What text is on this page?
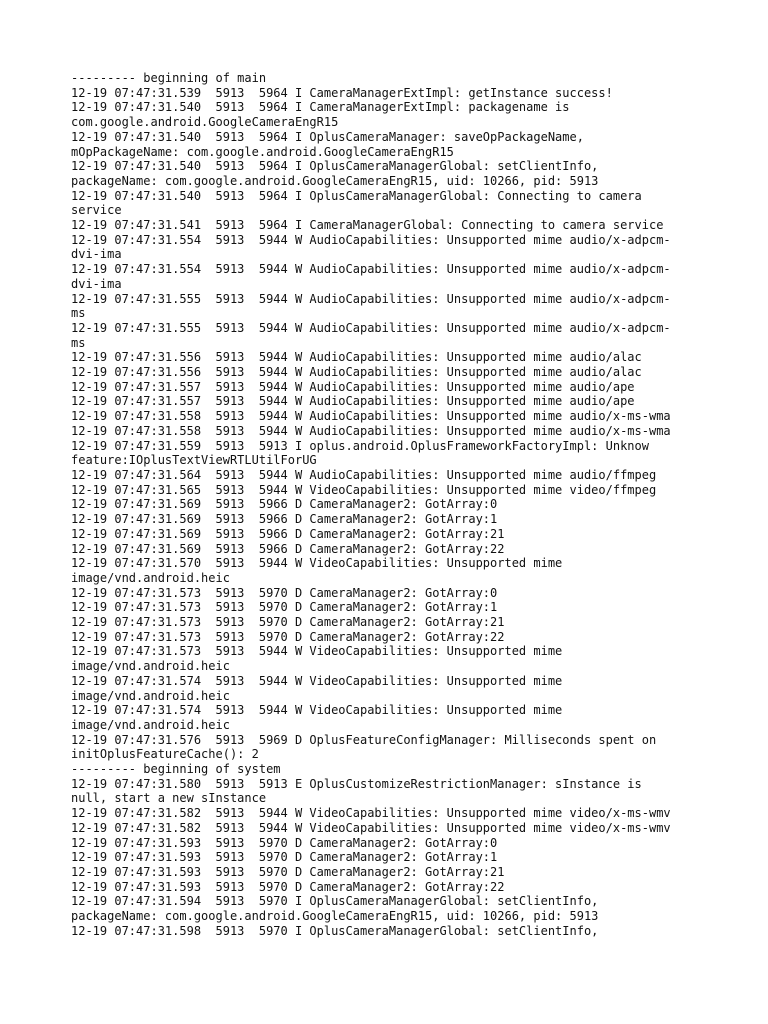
--------- beginning of main
12-19 07:47:31.539  5913  5964 I CameraManagerExtImpl: getInstance success!
12-19 07:47:31.540  5913  5964 I CameraManagerExtImpl: packagename is
com.google.android.GoogleCameraEngR15
12-19 07:47:31.540  5913  5964 I OplusCameraManager: saveOpPackageName,
mOpPackageName: com.google.android.GoogleCameraEngR15
12-19 07:47:31.540  5913  5964 I OplusCameraManagerGlobal: setClientInfo,
packageName: com.google.android.GoogleCameraEngR15, uid: 10266, pid: 5913
12-19 07:47:31.540  5913  5964 I OplusCameraManagerGlobal: Connecting to camera
service
12-19 07:47:31.541  5913  5964 I CameraManagerGlobal: Connecting to camera service
12-19 07:47:31.554  5913  5944 W AudioCapabilities: Unsupported mime audio/x-adpcm-
dvi-ima
12-19 07:47:31.554  5913  5944 W AudioCapabilities: Unsupported mime audio/x-adpcm-
dvi-ima
12-19 07:47:31.555  5913  5944 W AudioCapabilities: Unsupported mime audio/x-adpcm-
ms
12-19 07:47:31.555  5913  5944 W AudioCapabilities: Unsupported mime audio/x-adpcm-
ms
12-19 07:47:31.556  5913  5944 W AudioCapabilities: Unsupported mime audio/alac
12-19 07:47:31.556  5913  5944 W AudioCapabilities: Unsupported mime audio/alac
12-19 07:47:31.557  5913  5944 W AudioCapabilities: Unsupported mime audio/ape
12-19 07:47:31.557  5913  5944 W AudioCapabilities: Unsupported mime audio/ape
12-19 07:47:31.558  5913  5944 W AudioCapabilities: Unsupported mime audio/x-ms-wma
12-19 07:47:31.558  5913  5944 W AudioCapabilities: Unsupported mime audio/x-ms-wma
12-19 07:47:31.559  5913  5913 I oplus.android.OplusFrameworkFactoryImpl: Unknow
feature:IOplusTextViewRTLUtilForUG
12-19 07:47:31.564  5913  5944 W AudioCapabilities: Unsupported mime audio/ffmpeg
12-19 07:47:31.565  5913  5944 W VideoCapabilities: Unsupported mime video/ffmpeg
12-19 07:47:31.569  5913  5966 D CameraManager2: GotArray:0
12-19 07:47:31.569  5913  5966 D CameraManager2: GotArray:1
12-19 07:47:31.569  5913  5966 D CameraManager2: GotArray:21
12-19 07:47:31.569  5913  5966 D CameraManager2: GotArray:22
12-19 07:47:31.570  5913  5944 W VideoCapabilities: Unsupported mime
image/vnd.android.heic
12-19 07:47:31.573  5913  5970 D CameraManager2: GotArray:0
12-19 07:47:31.573  5913  5970 D CameraManager2: GotArray:1
12-19 07:47:31.573  5913  5970 D CameraManager2: GotArray:21
12-19 07:47:31.573  5913  5970 D CameraManager2: GotArray:22
12-19 07:47:31.573  5913  5944 W VideoCapabilities: Unsupported mime
image/vnd.android.heic
12-19 07:47:31.574  5913  5944 W VideoCapabilities: Unsupported mime
image/vnd.android.heic
12-19 07:47:31.574  5913  5944 W VideoCapabilities: Unsupported mime
image/vnd.android.heic
12-19 07:47:31.576  5913  5969 D OplusFeatureConfigManager: Milliseconds spent on
initOplusFeatureCache(): 2
--------- beginning of system
12-19 07:47:31.580  5913  5913 E OplusCustomizeRestrictionManager: sInstance is
null, start a new sInstance
12-19 07:47:31.582  5913  5944 W VideoCapabilities: Unsupported mime video/x-ms-wmv
12-19 07:47:31.582  5913  5944 W VideoCapabilities: Unsupported mime video/x-ms-wmv
12-19 07:47:31.593  5913  5970 D CameraManager2: GotArray:0
12-19 07:47:31.593  5913  5970 D CameraManager2: GotArray:1
12-19 07:47:31.593  5913  5970 D CameraManager2: GotArray:21
12-19 07:47:31.593  5913  5970 D CameraManager2: GotArray:22
12-19 07:47:31.594  5913  5970 I OplusCameraManagerGlobal: setClientInfo,
packageName: com.google.android.GoogleCameraEngR15, uid: 10266, pid: 5913
12-19 07:47:31.598  5913  5970 I OplusCameraManagerGlobal: setClientInfo,
